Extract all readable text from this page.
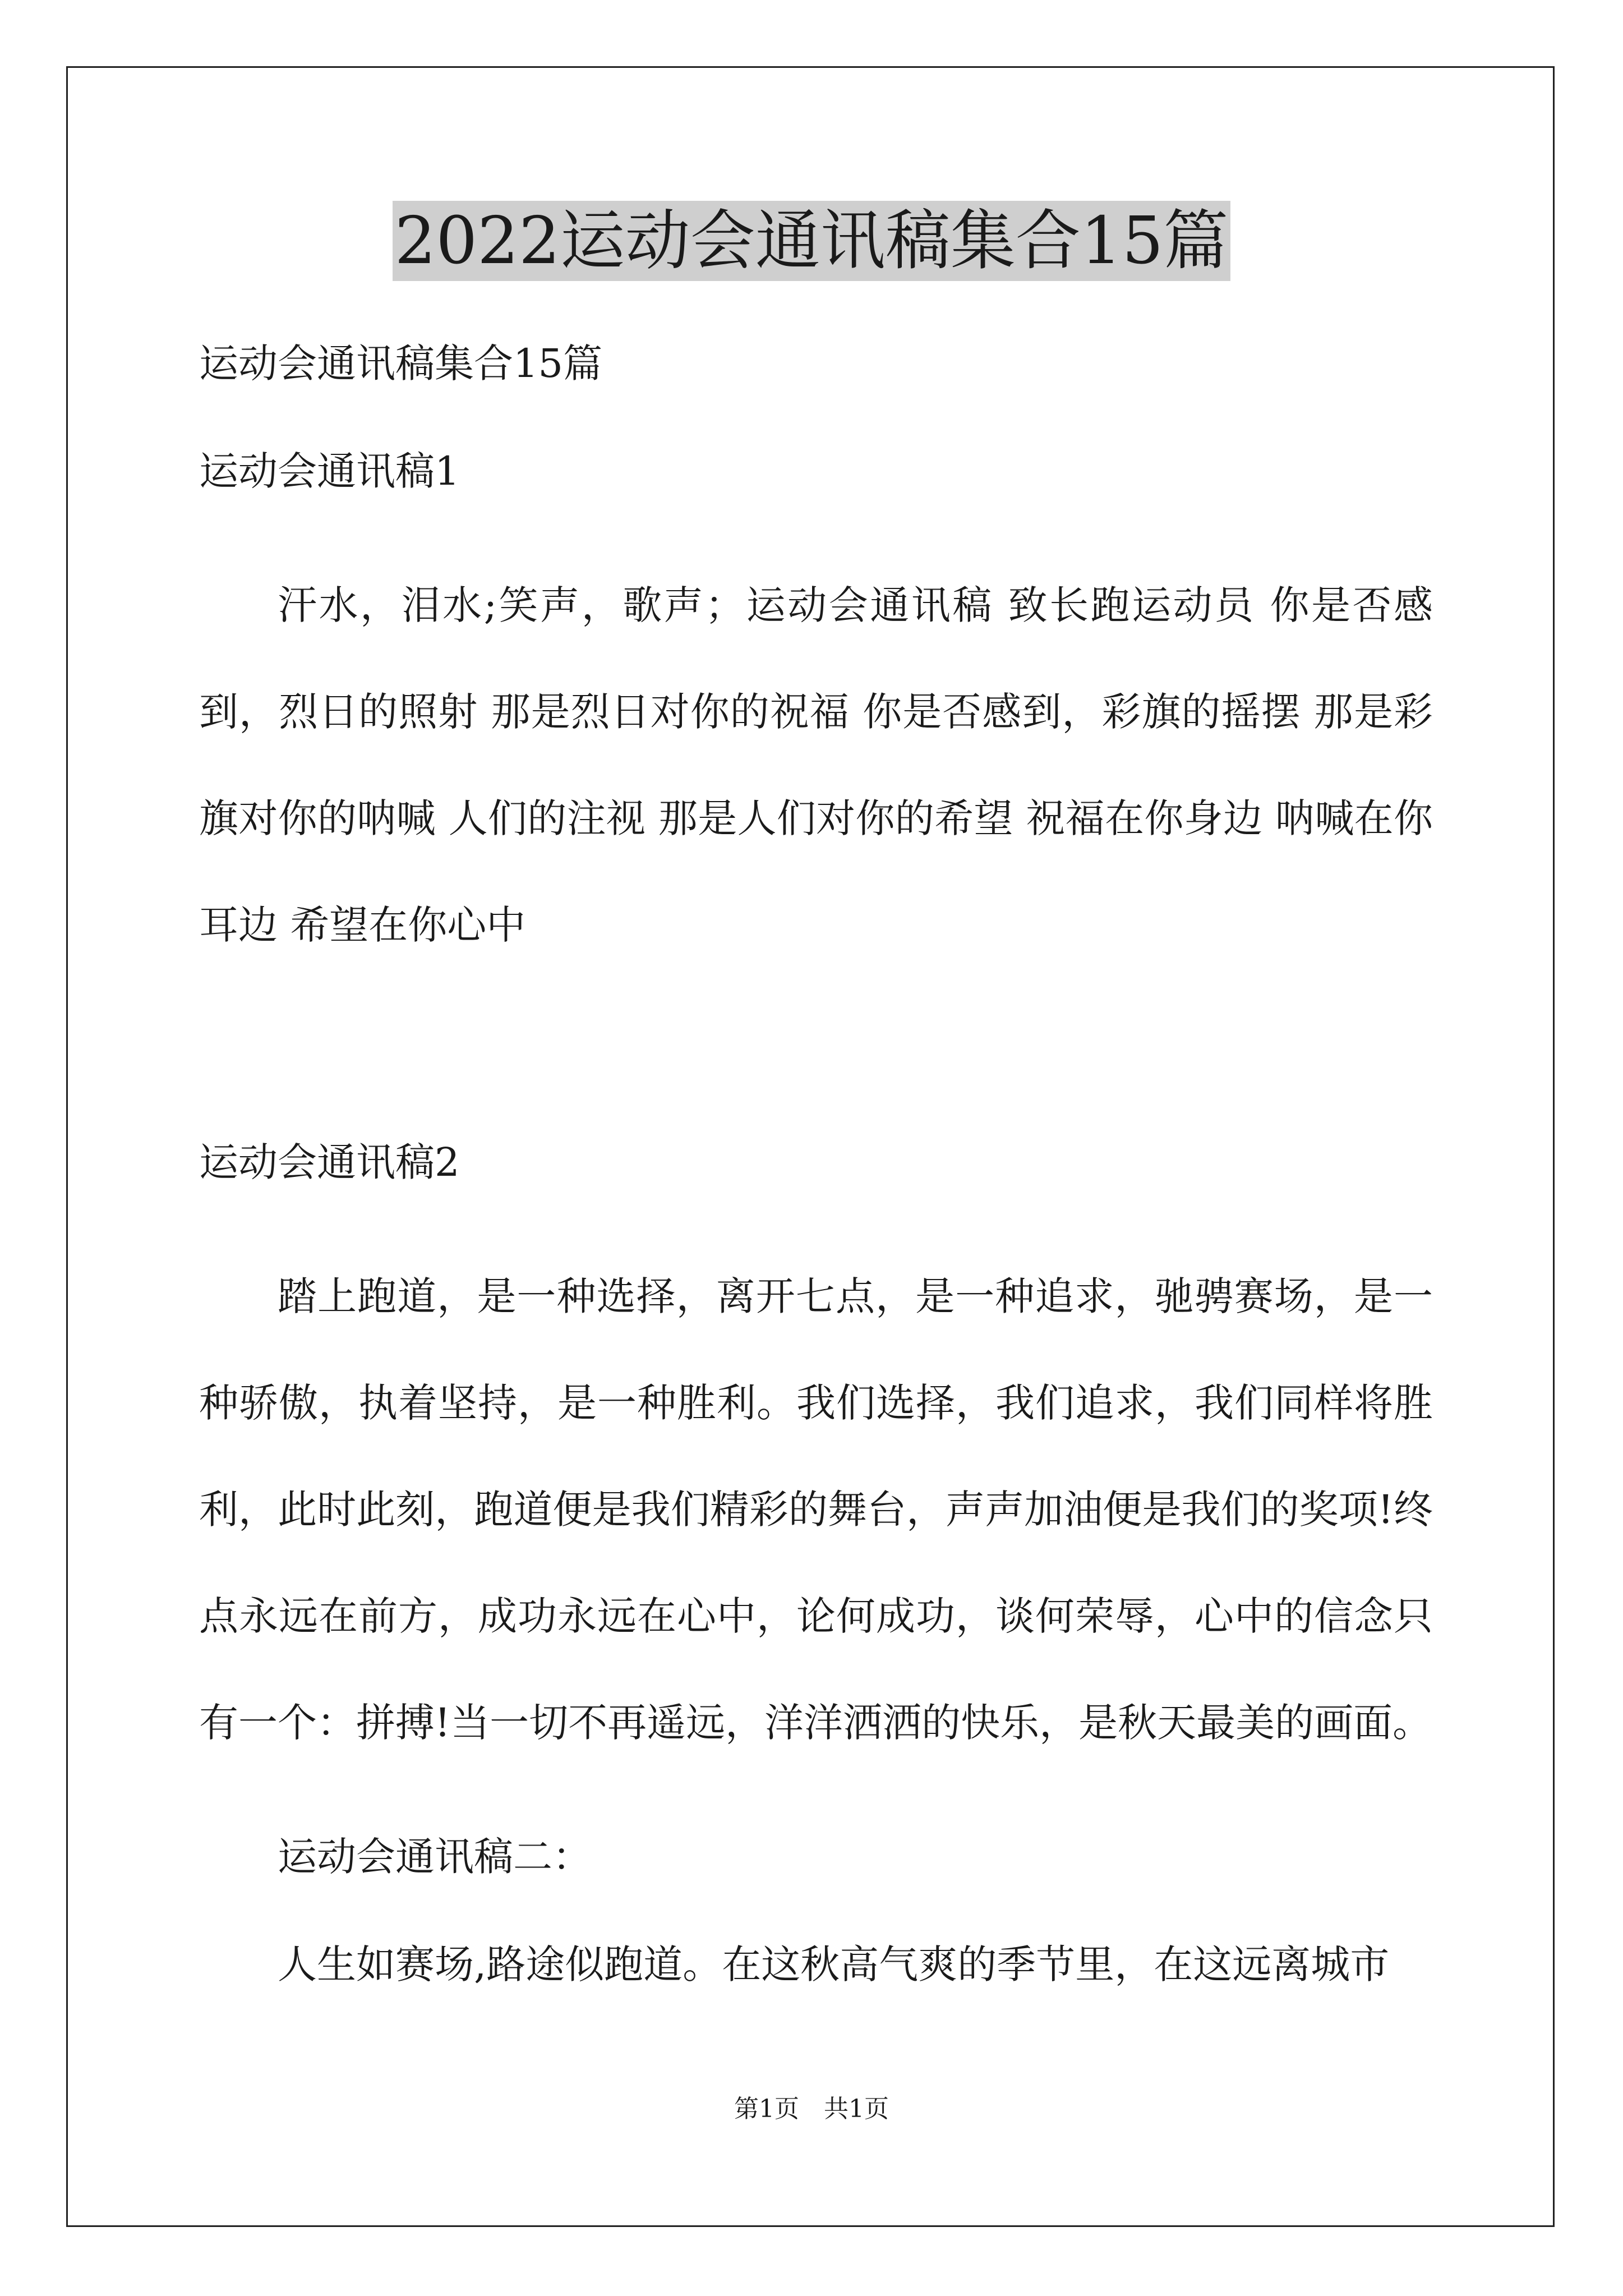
2022运动会通讯稿集合15篇
运动会通讯稿集合15篇
运动会通讯稿1

汗水，泪水;笑声，歌声；运动会通讯稿 致长跑运动员 你是否感到，烈日的照射 那是烈日对你的祝福 你是否感到，彩旗的摇摆 那是彩旗对你的呐喊 人们的注视 那是人们对你的希望 祝福在你身边 呐喊在你耳边 希望在你心中

运动会通讯稿2

踏上跑道，是一种选择，离开七点，是一种追求，驰骋赛场，是一种骄傲，执着坚持，是一种胜利。我们选择，我们追求，我们同样将胜利，此时此刻，跑道便是我们精彩的舞台，声声加油便是我们的奖项!终点永远在前方，成功永远在心中，论何成功，谈何荣辱，心中的信念只有一个：拼搏!当一切不再遥远，洋洋洒洒的快乐，是秋天最美的画面。

运动会通讯稿二：

人生如赛场,路途似跑道。在这秋高气爽的季节里，在这远离城市

第1页　共1页
